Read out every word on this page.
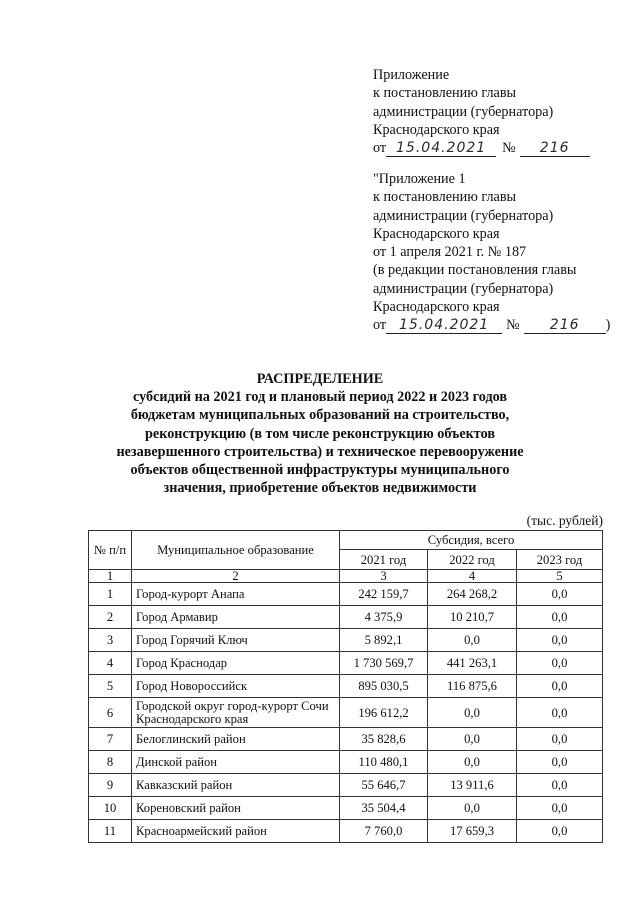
Приложение
к постановлению главы
администрации (губернатора)
Краснодарского края
от 15.04.2021	№	216
"Приложение 1
к постановлению главы
администрации (губернатора)
Краснодарского края
от 1 апреля 2021 г. № 187
(в редакции постановления главы
администрации (губернатора)
Краснодарского края
от 15.04.2021	№	216	)
РАСПРЕДЕЛЕНИЕ
субсидий на 2021 год и плановый период 2022 и 2023 годов
бюджетам муниципальных образований на строительство,
реконструкцию (в том числе реконструкцию объектов
незавершенного строительства) и техническое перевооружение
объектов общественной инфраструктуры муниципального
значения, приобретение объектов недвижимости
(тыс. рублей)
№ п/п	Муниципальное образование	Субсидия, всего		
		2021 год	2022 год	2023 год
1	2	3	4	5
1	Город-курорт Анапа	242 159,7	264 268,2	0,0
2	Город Армавир	4 375,9	10 210,7	0,0
3	Город Горячий Ключ	5 892,1	0,0	0,0
4	Город Краснодар	1 730 569,7	441 263,1	0,0
5	Город Новороссийск	895 030,5	116 875,6	0,0
6	Городской округ город-курорт Сочи Краснодарского края	196 612,2	0,0	0,0
7	Белоглинский район	35 828,6	0,0	0,0
8	Динской район	110 480,1	0,0	0,0
9	Кавказский район	55 646,7	13 911,6	0,0
10	Кореновский район	35 504,4	0,0	0,0
11	Красноармейский район	7 760,0	17 659,3	0,0
